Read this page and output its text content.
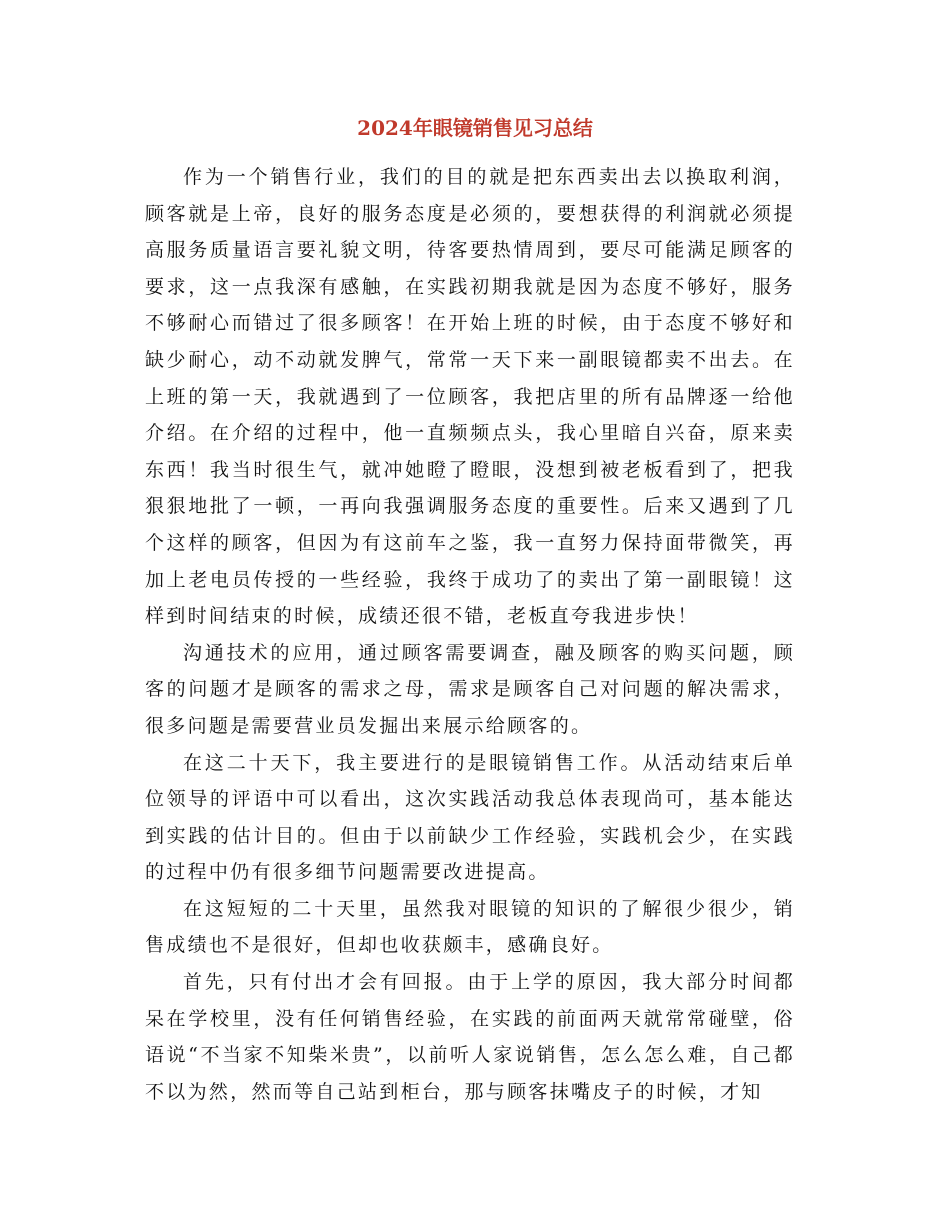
2024年眼镜销售见习总结

作为一个销售行业，我们的目的就是把东西卖出去以换取利润，顾客就是上帝，良好的服务态度是必须的，要想获得的利润就必须提高服务质量语言要礼貌文明，待客要热情周到，要尽可能满足顾客的要求，这一点我深有感触，在实践初期我就是因为态度不够好，服务不够耐心而错过了很多顾客！在开始上班的时候，由于态度不够好和缺少耐心，动不动就发脾气，常常一天下来一副眼镜都卖不出去。在上班的第一天，我就遇到了一位顾客，我把店里的所有品牌逐一给他介绍。在介绍的过程中，他一直频频点头，我心里暗自兴奋，原来卖东西！我当时很生气，就冲她瞪了瞪眼，没想到被老板看到了，把我狠狠地批了一顿，一再向我强调服务态度的重要性。后来又遇到了几个这样的顾客，但因为有这前车之鉴，我一直努力保持面带微笑，再加上老电员传授的一些经验，我终于成功了的卖出了第一副眼镜！这样到时间结束的时候，成绩还很不错，老板直夸我进步快！

沟通技术的应用，通过顾客需要调查，融及顾客的购买问题，顾客的问题才是顾客的需求之母，需求是顾客自己对问题的解决需求，很多问题是需要营业员发掘出来展示给顾客的。

在这二十天下，我主要进行的是眼镜销售工作。从活动结束后单位领导的评语中可以看出，这次实践活动我总体表现尚可，基本能达到实践的估计目的。但由于以前缺少工作经验，实践机会少，在实践的过程中仍有很多细节问题需要改进提高。

在这短短的二十天里，虽然我对眼镜的知识的了解很少很少，销售成绩也不是很好，但却也收获颇丰，感确良好。

首先，只有付出才会有回报。由于上学的原因，我大部分时间都呆在学校里，没有任何销售经验，在实践的前面两天就常常碰壁，俗语说“不当家不知柴米贵”，以前听人家说销售，怎么怎么难，自己都不以为然，然而等自己站到柜台，那与顾客抹嘴皮子的时候，才知
